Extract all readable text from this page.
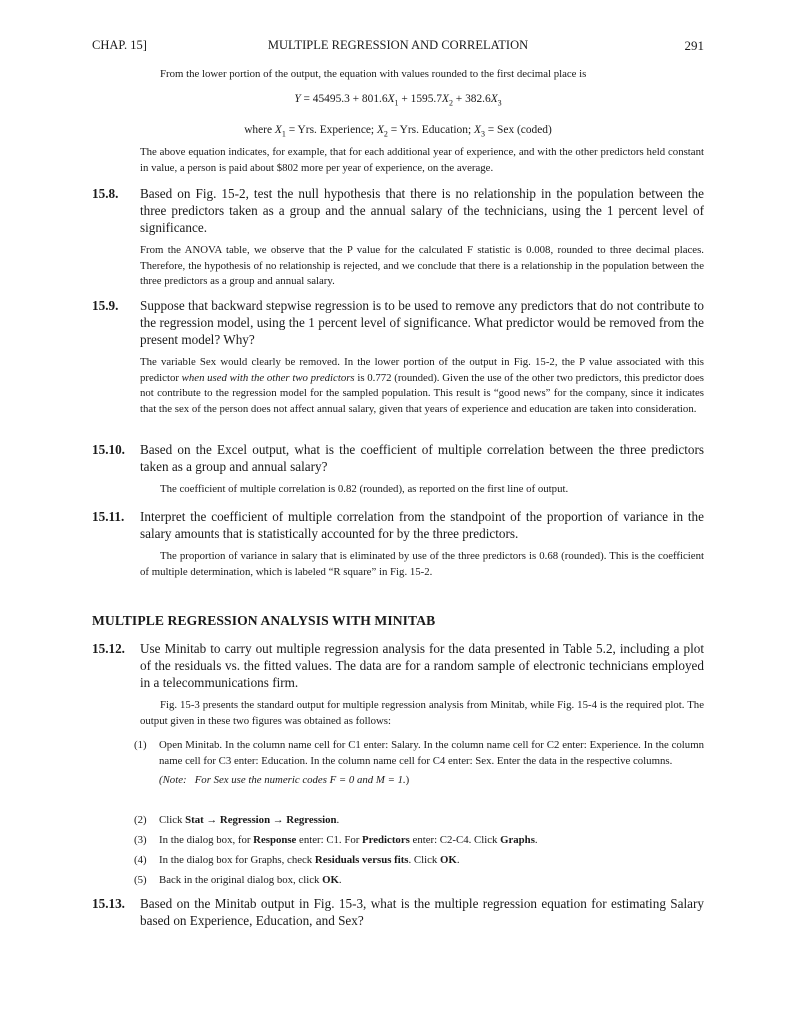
CHAP. 15]	MULTIPLE REGRESSION AND CORRELATION	291

From the lower portion of the output, the equation with values rounded to the first decimal place is

$Y = 45495.3 + 801.6X_1 + 1595.7X_2 + 382.6X_3$
where $X_1$ = Yrs. Experience; $X_2$ = Yrs. Education; $X_3$ = Sex (coded)

The above equation indicates, for example, that for each additional year of experience, and with the other predictors held constant in value, a person is paid about $802 more per year of experience, on the average.

15.8. Based on Fig. 15-2, test the null hypothesis that there is no relationship in the population between the three predictors taken as a group and the annual salary of the technicians, using the 1 percent level of significance.

From the ANOVA table, we observe that the P value for the calculated F statistic is 0.008, rounded to three decimal places. Therefore, the hypothesis of no relationship is rejected, and we conclude that there is a relationship in the population between the three predictors as a group and annual salary.

15.9. Suppose that backward stepwise regression is to be used to remove any predictors that do not contribute to the regression model, using the 1 percent level of significance. What predictor would be removed from the present model? Why?

The variable Sex would clearly be removed. In the lower portion of the output in Fig. 15-2, the P value associated with this predictor when used with the other two predictors is 0.772 (rounded). Given the use of the other two predictors, this predictor does not contribute to the regression model for the sampled population. This result is “good news” for the company, since it indicates that the sex of the person does not affect annual salary, given that years of experience and education are taken into consideration.

15.10. Based on the Excel output, what is the coefficient of multiple correlation between the three predictors taken as a group and annual salary?

The coefficient of multiple correlation is 0.82 (rounded), as reported on the first line of output.

15.11. Interpret the coefficient of multiple correlation from the standpoint of the proportion of variance in the salary amounts that is statistically accounted for by the three predictors.

The proportion of variance in salary that is eliminated by use of the three predictors is 0.68 (rounded). This is the coefficient of multiple determination, which is labeled “R square” in Fig. 15-2.

MULTIPLE REGRESSION ANALYSIS WITH MINITAB
15.12. Use Minitab to carry out multiple regression analysis for the data presented in Table 5.2, including a plot of the residuals vs. the fitted values. The data are for a random sample of electronic technicians employed in a telecommunications firm.

Fig. 15-3 presents the standard output for multiple regression analysis from Minitab, while Fig. 15-4 is the required plot. The output given in these two figures was obtained as follows:

(1) Open Minitab. In the column name cell for C1 enter: Salary. In the column name cell for C2 enter: Experience. In the column name cell for C3 enter: Education. In the column name cell for C4 enter: Sex. Enter the data in the respective columns.
(Note: For Sex use the numeric codes F = 0 and M = 1.)
(2) Click Stat → Regression → Regression.
(3) In the dialog box, for Response enter: C1. For Predictors enter: C2-C4. Click Graphs.
(4) In the dialog box for Graphs, check Residuals versus fits. Click OK.
(5) Back in the original dialog box, click OK.
15.13. Based on the Minitab output in Fig. 15-3, what is the multiple regression equation for estimating Salary based on Experience, Education, and Sex?
